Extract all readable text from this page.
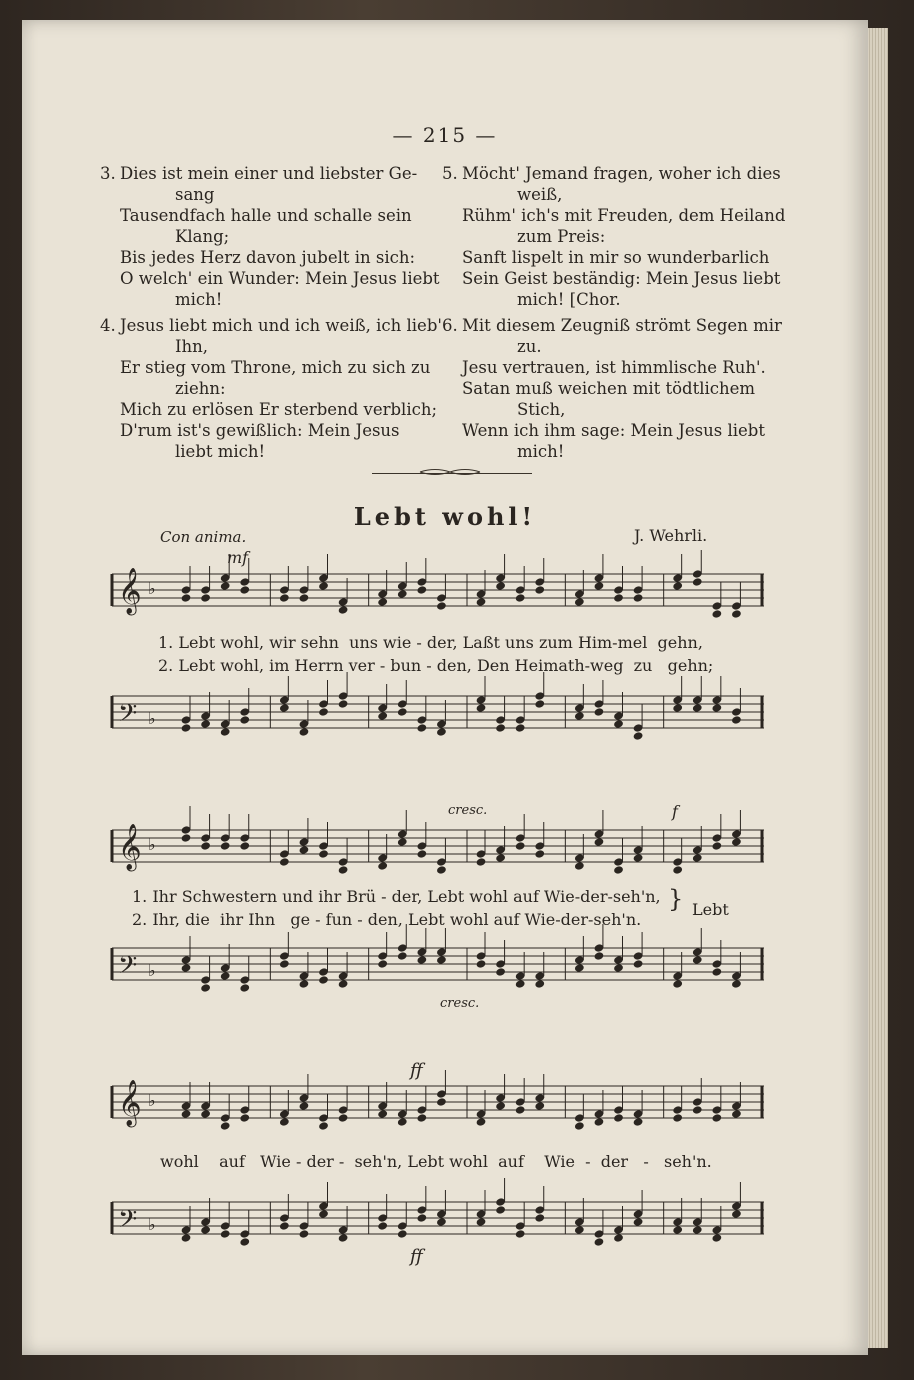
— 215 —
3. Dies ist mein einer und liebster Ge-
sang
Tausendfach halle und schalle sein
Klang;
Bis jedes Herz davon jubelt in sich:
O welch' ein Wunder: Mein Jesus liebt
mich!
4. Jesus liebt mich und ich weiß, ich lieb'
Ihn,
Er stieg vom Throne, mich zu sich zu
ziehn:
Mich zu erlösen Er sterbend verblich;
D'rum ist's gewißlich: Mein Jesus
liebt mich!
5. Möcht' Jemand fragen, woher ich dies
weiß,
Rühm' ich's mit Freuden, dem Heiland
zum Preis:
Sanft lispelt in mir so wunderbarlich
Sein Geist beständig: Mein Jesus liebt
mich! [Chor.
6. Mit diesem Zeugniß strömt Segen mir
zu.
Jesu vertrauen, ist himmlische Ruh'.
Satan muß weichen mit tödtlichem
Stich,
Wenn ich ihm sage: Mein Jesus liebt
mich!
Lebt wohl!
Con anima.	J. Wehrli.
mf
𝄞 ♭
1. Lebt wohl, wir sehn  uns wie - der, Laßt uns zum Him-mel  gehn,
2. Lebt wohl, im Herrn ver - bun - den, Den Heimath-weg  zu   gehn;
𝄢 ♭
cresc.	f
𝄞 ♭
1. Ihr Schwestern und ihr Brü - der, Lebt wohl auf Wie-der-seh'n,
2. Ihr, die  ihr Ihn   ge - fun - den, Lebt wohl auf Wie-der-seh'n.
} Lebt
𝄢 ♭
cresc.
ff
𝄞 ♭
wohl    auf   Wie - der -  seh'n, Lebt wohl  auf    Wie  -  der   -   seh'n.
𝄢 ♭
ff
